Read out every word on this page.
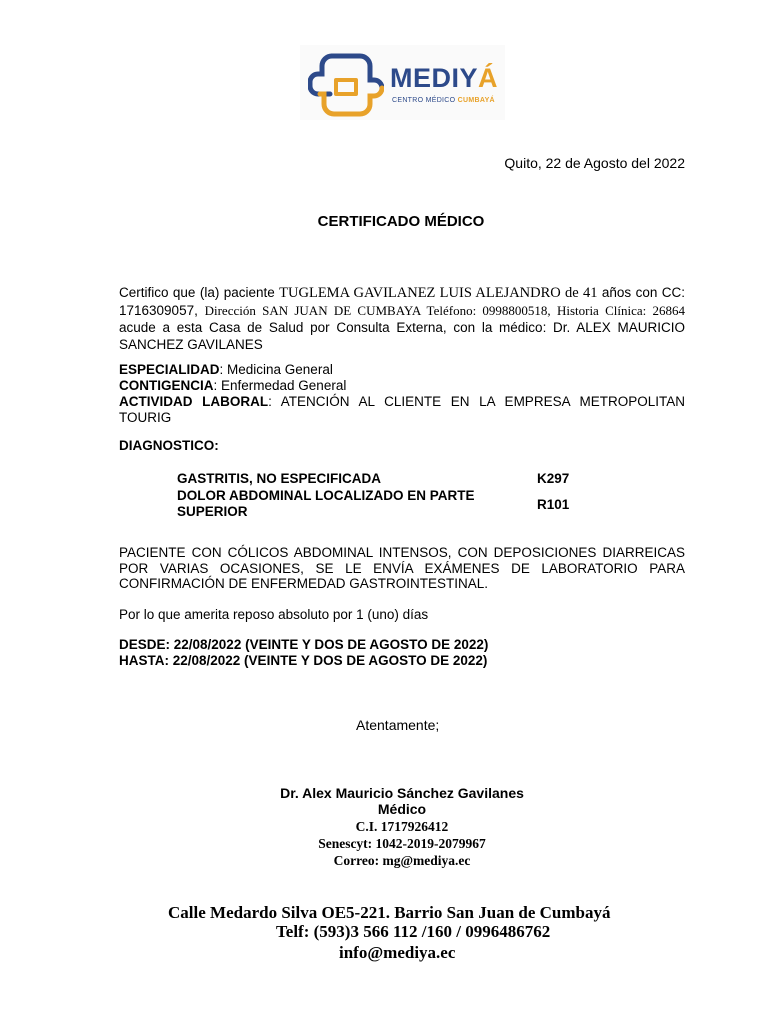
MEDIYÁ
CENTRO MÉDICO CUMBAYÁ
Quito, 22 de Agosto del 2022
CERTIFICADO MÉDICO
Certifico que (la) paciente TUGLEMA GAVILANEZ LUIS ALEJANDRO de 41 años con CC: 1716309057, Dirección SAN JUAN DE CUMBAYA Teléfono: 0998800518, Historia Clínica: 26864 acude a esta Casa de Salud por Consulta Externa, con la médico: Dr. ALEX MAURICIO SANCHEZ GAVILANES
ESPECIALIDAD: Medicina General
CONTIGENCIA: Enfermedad General
ACTIVIDAD LABORAL: ATENCIÓN AL CLIENTE EN LA EMPRESA METROPOLITAN TOURIG
DIAGNOSTICO:
GASTRITIS, NO ESPECIFICADA	K297
DOLOR ABDOMINAL LOCALIZADO EN PARTE SUPERIOR	R101
PACIENTE CON CÓLICOS ABDOMINAL INTENSOS, CON DEPOSICIONES DIARREICAS POR VARIAS OCASIONES, SE LE ENVÍA EXÁMENES DE LABORATORIO PARA CONFIRMACIÓN DE ENFERMEDAD GASTROINTESTINAL.
Por lo que amerita reposo absoluto por 1 (uno) días
DESDE: 22/08/2022 (VEINTE Y DOS DE AGOSTO DE 2022)
HASTA: 22/08/2022 (VEINTE Y DOS DE AGOSTO DE 2022)
Atentamente;
Dr. Alex Mauricio Sánchez Gavilanes
Médico
C.I. 1717926412
Senescyt: 1042-2019-2079967
Correo: mg@mediya.ec
Calle Medardo Silva OE5-221. Barrio San Juan de Cumbayá
Telf: (593)3 566 112 /160 / 0996486762
info@mediya.ec
